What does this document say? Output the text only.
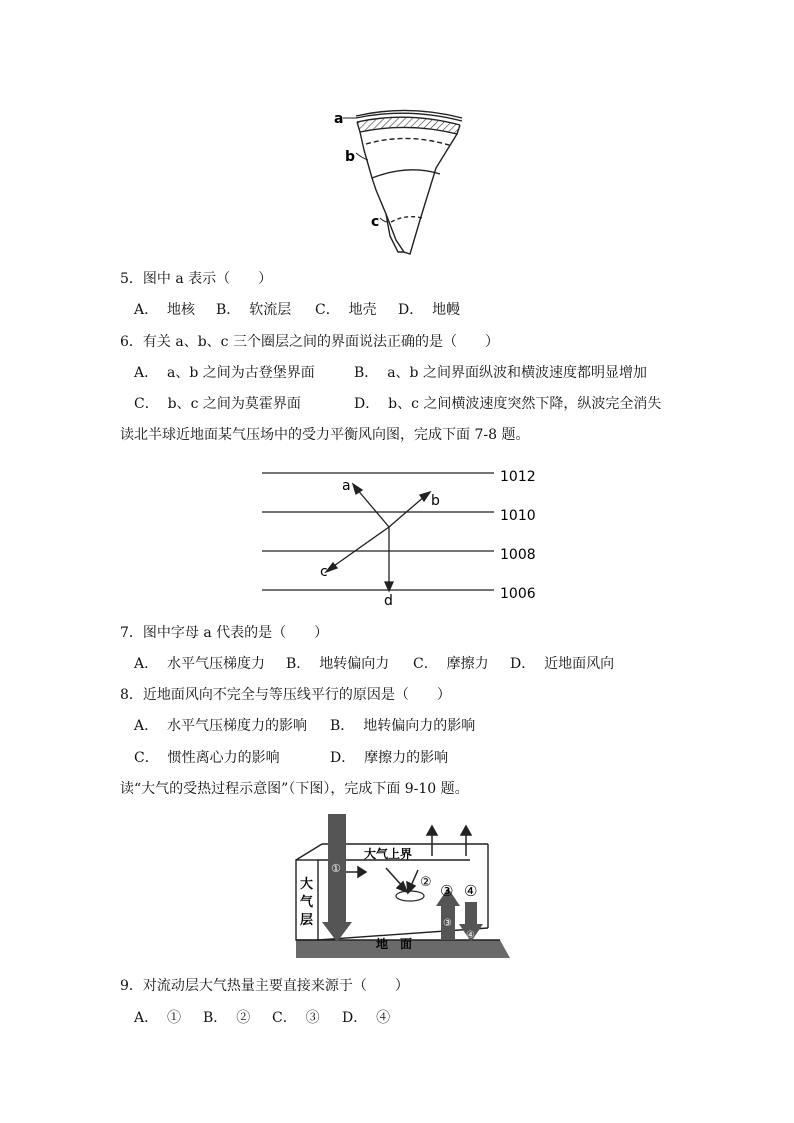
a
b
c
1012
1010
1008
1006
a
b
c
d
大气上界
大
气
层
地　面
①
② ③ ④
③
④
5．图中 a 表示（　　）
A．  地核 B．  软流层 C．  地壳 D．  地幔
6．有关 a、b、c 三个圈层之间的界面说法正确的是（　　）
A．  a、b 之间为古登堡界面	B．  a、b 之间界面纵波和横波速度都明显增加
C．  b、c 之间为莫霍界面	D．  b、c 之间横波速度突然下降，纵波完全消失
读北半球近地面某气压场中的受力平衡风向图，完成下面 7-8 题。
7．图中字母 a 代表的是（　　）
A．  水平气压梯度力 B．  地转偏向力 C．  摩擦力 D．  近地面风向
8．近地面风向不完全与等压线平行的原因是（　　）
A．  水平气压梯度力的影响 B．  地转偏向力的影响
C．  惯性离心力的影响	D．  摩擦力的影响
读“大气的受热过程示意图”（下图），完成下面 9-10 题。
9．对流动层大气热量主要直接来源于（　　）
A．  ① B．  ② C．  ③ D．  ④
